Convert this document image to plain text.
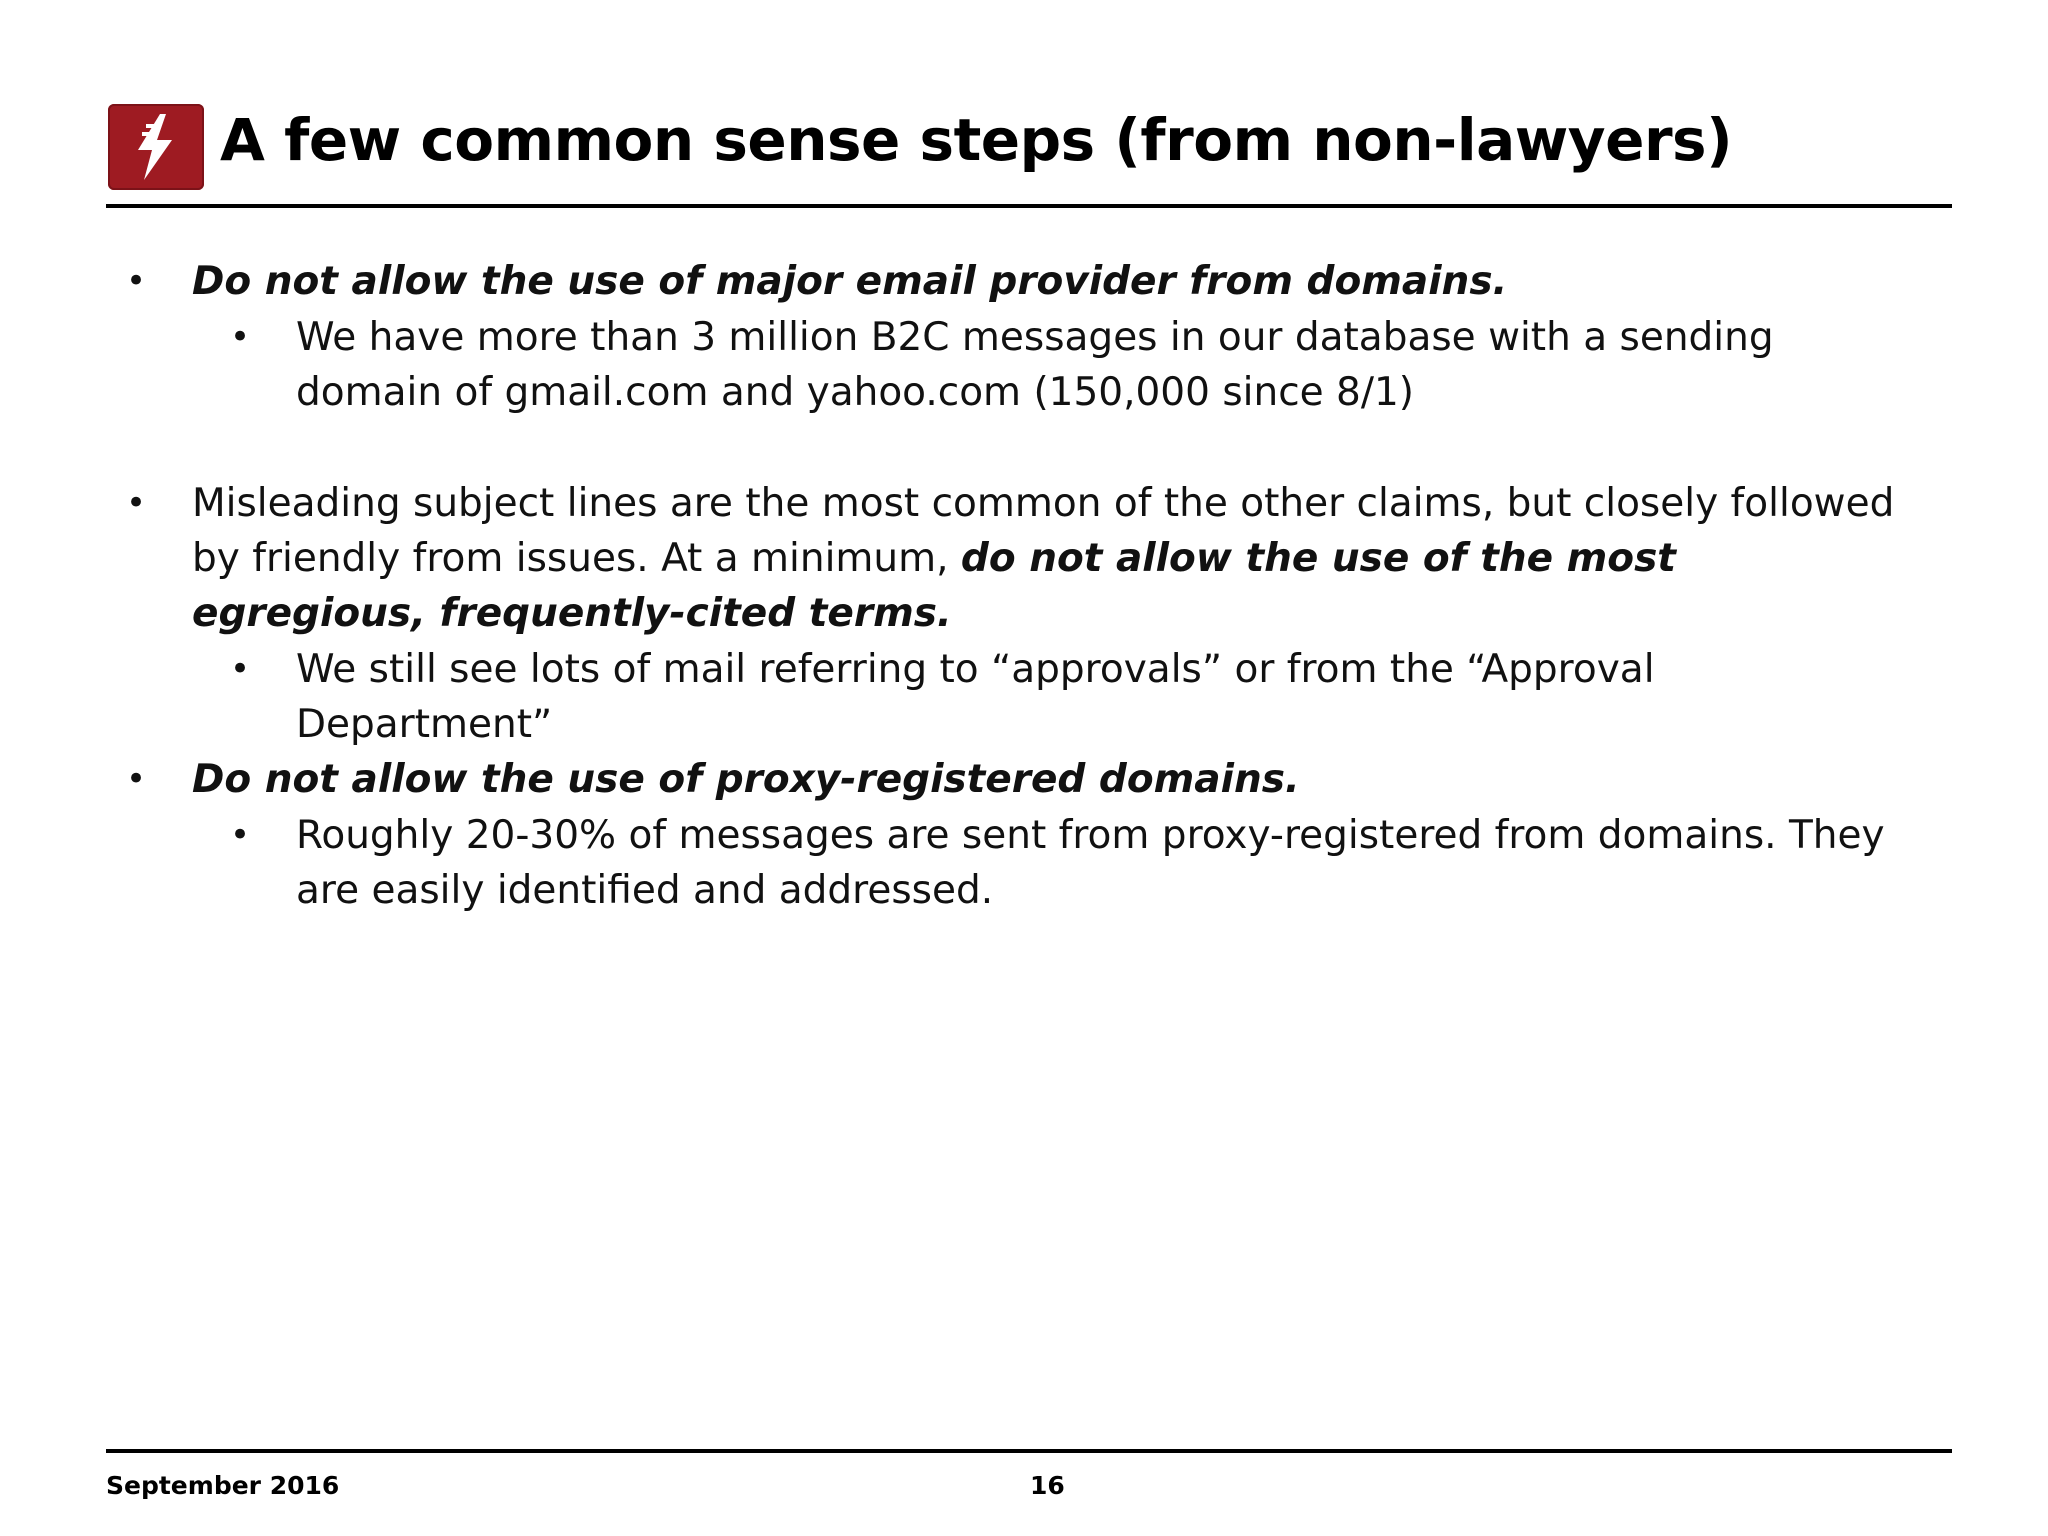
A few common sense steps (from non-lawyers)
• Do not allow the use of major email provider from domains.
• We have more than 3 million B2C messages in our database with a sending domain of gmail.com and yahoo.com (150,000 since 8/1)
• Misleading subject lines are the most common of the other claims, but closely followed by friendly from issues. At a minimum, do not allow the use of the most egregious, frequently-cited terms.
• We still see lots of mail referring to “approvals” or from the “Approval Department”
• Do not allow the use of proxy-registered domains.
• Roughly 20-30% of messages are sent from proxy-registered from domains. They are easily identified and addressed.
September 2016	16
